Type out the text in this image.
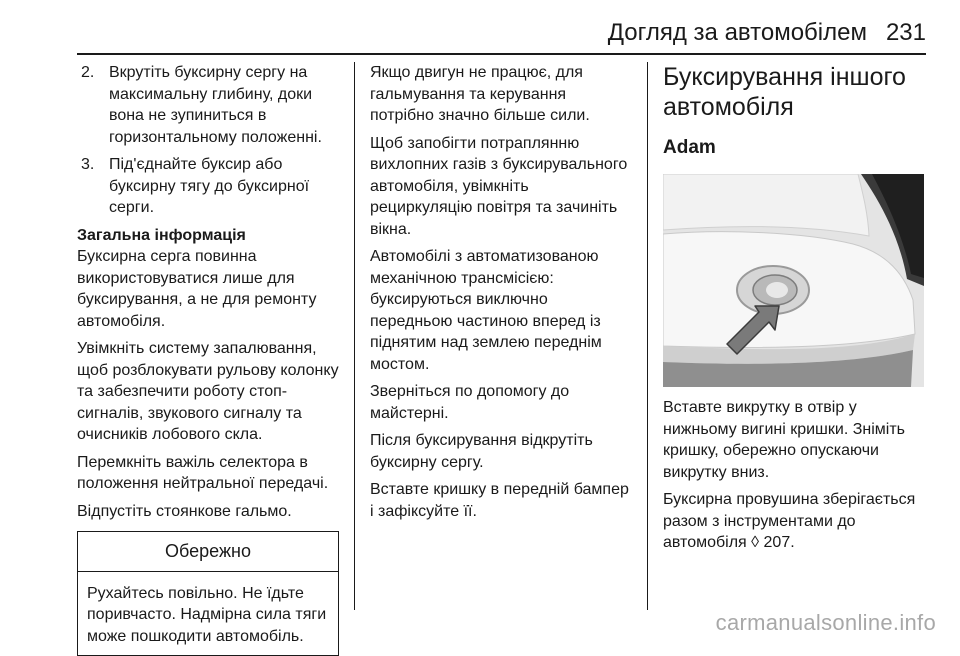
Догляд за автомобілем 231
2. Вкрутіть буксирну сергу на максимальну глибину, доки вона не зупиниться в горизонтальному положенні.
3. Під'єднайте буксир або буксирну тягу до буксирної серги.
Загальна інформація

Буксирна серга повинна використовуватися лише для буксирування, а не для ремонту автомобіля.

Увімкніть систему запалювання, щоб розблокувати рульову колонку та забезпечити роботу стоп-сигналів, звукового сигналу та очисників лобового скла.

Перемкніть важіль селектора в положення нейтральної передачі.

Відпустіть стоянкове гальмо.

Обережно
Рухайтесь повільно. Не їдьте поривчасто. Надмірна сила тяги може пошкодити автомобіль.

Якщо двигун не працює, для гальмування та керування потрібно значно більше сили.

Щоб запобігти потраплянню вихлопних газів з буксирувального автомобіля, увімкніть рециркуляцію повітря та зачиніть вікна.

Автомобілі з автоматизованою механічною трансмісією: буксируються виключно передньою частиною вперед із піднятим над землею переднім мостом.

Зверніться по допомогу до майстерні.

Після буксирування відкрутіть буксирну сергу.

Вставте кришку в передній бампер і зафіксуйте її.

Буксирування іншого автомобіля
Adam

Вставте викрутку в отвір у нижньому вигині кришки. Зніміть кришку, обережно опускаючи викрутку вниз.

Буксирна провушина зберігається разом з інструментами до автомобіля ◊ 207.

carmanualsonline.info
